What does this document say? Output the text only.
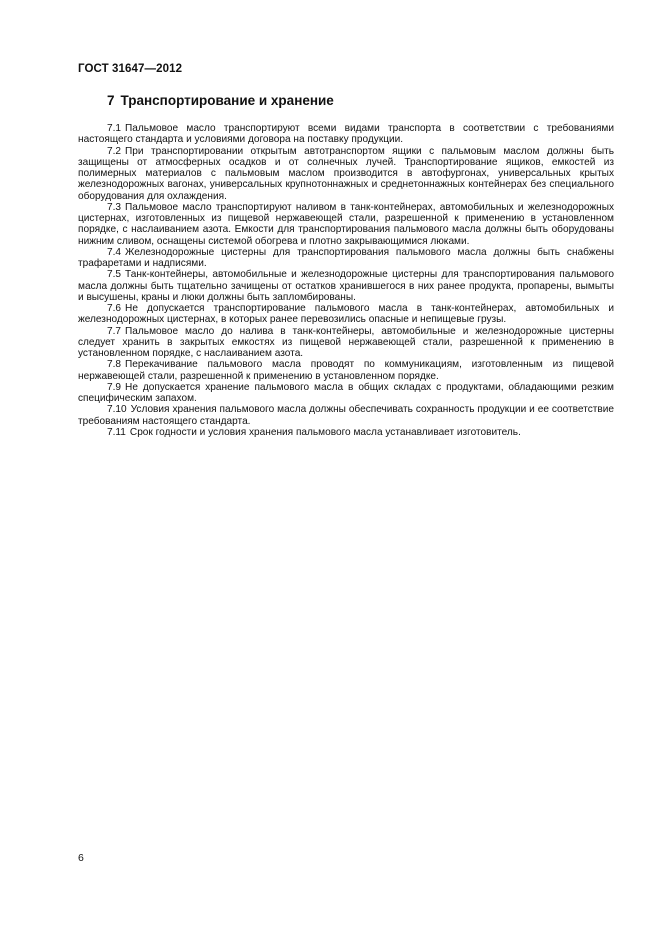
ГОСТ 31647—2012
7 Транспортирование и хранение

7.1 Пальмовое масло транспортируют всеми видами транспорта в соответствии с требованиями настоящего стандарта и условиями договора на поставку продукции.

7.2 При транспортировании открытым автотранспортом ящики с пальмовым маслом должны быть защищены от атмосферных осадков и от солнечных лучей. Транспортирование ящиков, емкостей из полимерных материалов с пальмовым маслом производится в автофургонах, универсальных крытых железнодорожных вагонах, универсальных крупнотоннажных и среднетоннажных контейнерах без специального оборудования для охлаждения.

7.3 Пальмовое масло транспортируют наливом в танк-контейнерах, автомобильных и железнодорожных цистернах, изготовленных из пищевой нержавеющей стали, разрешенной к применению в установленном порядке, с наслаиванием азота. Емкости для транспортирования пальмового масла должны быть оборудованы нижним сливом, оснащены системой обогрева и плотно закрывающимися люками.

7.4 Железнодорожные цистерны для транспортирования пальмового масла должны быть снабжены трафаретами и надписями.

7.5 Танк-контейнеры, автомобильные и железнодорожные цистерны для транспортирования пальмового масла должны быть тщательно зачищены от остатков хранившегося в них ранее продукта, пропарены, вымыты и высушены, краны и люки должны быть запломбированы.

7.6 Не допускается транспортирование пальмового масла в танк-контейнерах, автомобильных и железнодорожных цистернах, в которых ранее перевозились опасные и непищевые грузы.

7.7 Пальмовое масло до налива в танк-контейнеры, автомобильные и железнодорожные цистерны следует хранить в закрытых емкостях из пищевой нержавеющей стали, разрешенной к применению в установленном порядке, с наслаиванием азота.

7.8 Перекачивание пальмового масла проводят по коммуникациям, изготовленным из пищевой нержавеющей стали, разрешенной к применению в установленном порядке.

7.9 Не допускается хранение пальмового масла в общих складах с продуктами, обладающими резким специфическим запахом.

7.10 Условия хранения пальмового масла должны обеспечивать сохранность продукции и ее соответствие требованиям настоящего стандарта.

7.11 Срок годности и условия хранения пальмового масла устанавливает изготовитель.

6
